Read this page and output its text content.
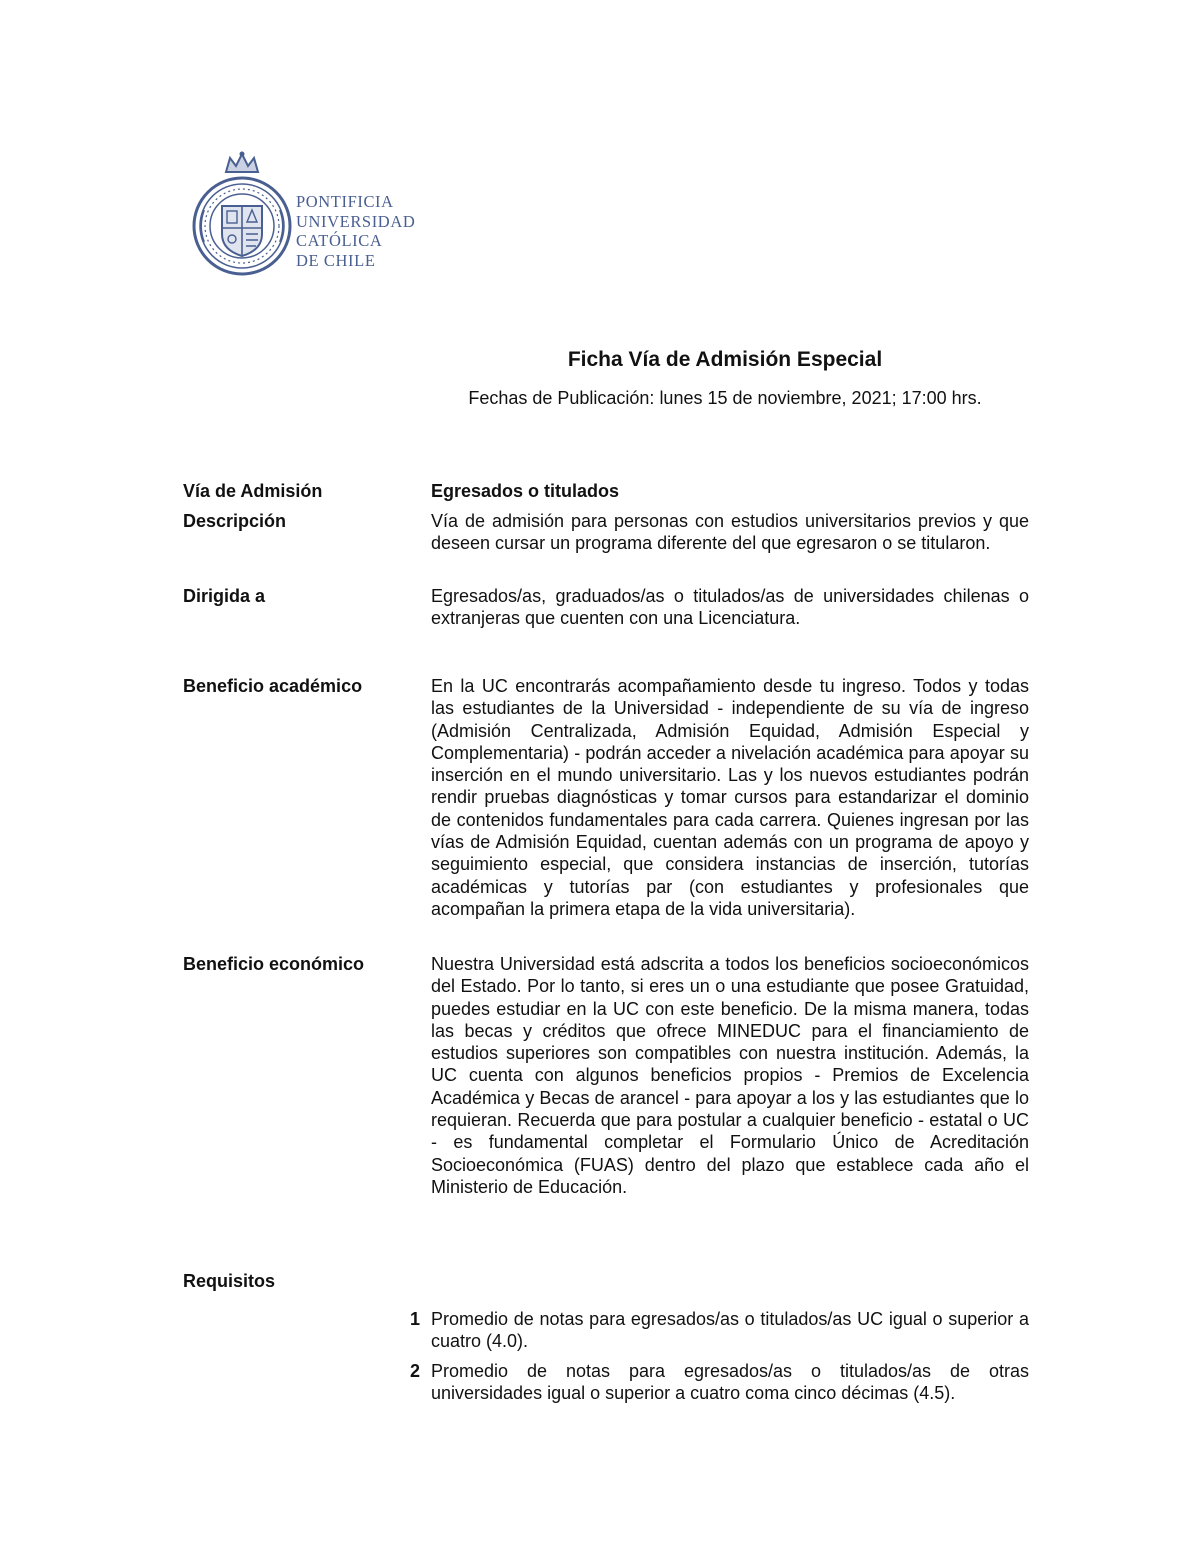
PONTIFICIA
UNIVERSIDAD
CATÓLICA
DE CHILE
Ficha Vía de Admisión Especial

Fechas de Publicación: lunes 15 de noviembre, 2021; 17:00 hrs.

Vía de Admisión	Egresados o titulados
Descripción	Vía de admisión para personas con estudios universitarios previos y que deseen cursar un programa diferente del que egresaron o se titularon.
Dirigida a	Egresados/as, graduados/as o titulados/as de universidades chilenas o extranjeras que cuenten con una Licenciatura.
Beneficio académico	En la UC encontrarás acompañamiento desde tu ingreso. Todos y todas las estudiantes de la Universidad - independiente de su vía de ingreso (Admisión Centralizada, Admisión Equidad, Admisión Especial y Complementaria) - podrán acceder a nivelación académica para apoyar su inserción en el mundo universitario. Las y los nuevos estudiantes podrán rendir pruebas diagnósticas y tomar cursos para estandarizar el dominio de contenidos fundamentales para cada carrera. Quienes ingresan por las vías de Admisión Equidad, cuentan además con un programa de apoyo y seguimiento especial, que considera instancias de inserción, tutorías académicas y tutorías par (con estudiantes y profesionales que acompañan la primera etapa de la vida universitaria).
Beneficio económico	Nuestra Universidad está adscrita a todos los beneficios socioeconómicos del Estado. Por lo tanto, si eres un o una estudiante que posee Gratuidad, puedes estudiar en la UC con este beneficio. De la misma manera, todas las becas y créditos que ofrece MINEDUC para el financiamiento de estudios superiores son compatibles con nuestra institución. Además, la UC cuenta con algunos beneficios propios - Premios de Excelencia Académica y Becas de arancel - para apoyar a los y las estudiantes que lo requieran. Recuerda que para postular a cualquier beneficio - estatal o UC - es fundamental completar el Formulario Único de Acreditación Socioeconómica (FUAS) dentro del plazo que establece cada año el Ministerio de Educación.
Requisitos
1 Promedio de notas para egresados/as o titulados/as UC igual o superior a cuatro (4.0).
2 Promedio de notas para egresados/as o titulados/as de otras universidades igual o superior a cuatro coma cinco décimas (4.5).
